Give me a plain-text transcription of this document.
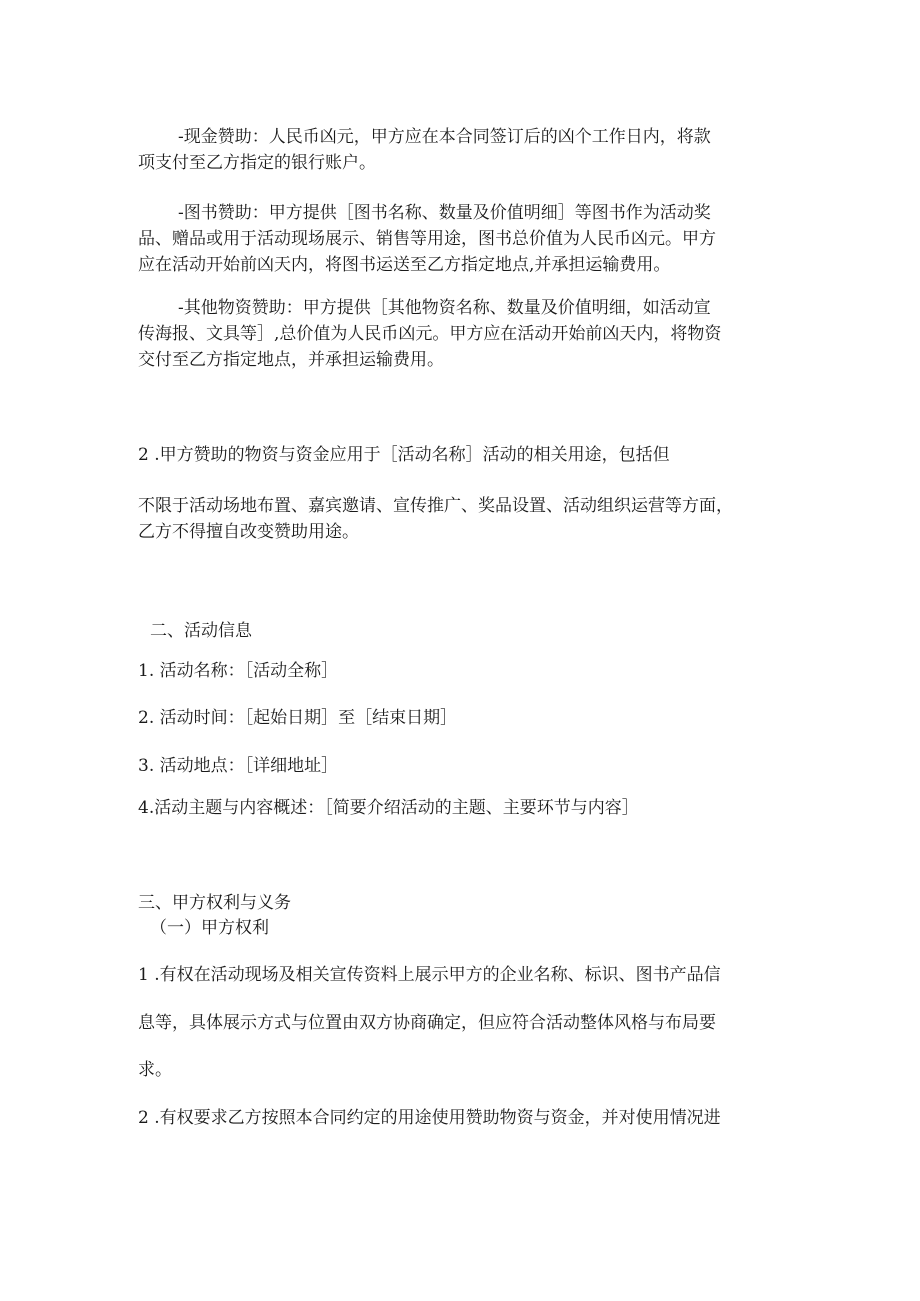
-现金赞助：人民币凶元，甲方应在本合同签订后的凶个工作日内，将款
项支付至乙方指定的银行账户。
-图书赞助：甲方提供［图书名称、数量及价值明细］等图书作为活动奖
品、赠品或用于活动现场展示、销售等用途，图书总价值为人民币凶元。甲方
应在活动开始前凶天内，将图书运送至乙方指定地点,并承担运输费用。
-其他物资赞助：甲方提供［其他物资名称、数量及价值明细，如活动宣
传海报、文具等］,总价值为人民币凶元。甲方应在活动开始前凶天内，将物资
交付至乙方指定地点，并承担运输费用。
2 .甲方赞助的物资与资金应用于［活动名称］活动的相关用途，包括但
不限于活动场地布置、嘉宾邀请、宣传推广、奖品设置、活动组织运营等方面，
乙方不得擅自改变赞助用途。
二、活动信息
1. 活动名称：［活动全称］
2. 活动时间：［起始日期］至［结束日期］
3. 活动地点：［详细地址］
4.活动主题与内容概述：［简要介绍活动的主题、主要环节与内容］
三、甲方权利与义务
（一）甲方权利
1 .有权在活动现场及相关宣传资料上展示甲方的企业名称、标识、图书产品信
息等，具体展示方式与位置由双方协商确定，但应符合活动整体风格与布局要
求。
2 .有权要求乙方按照本合同约定的用途使用赞助物资与资金，并对使用情况进
